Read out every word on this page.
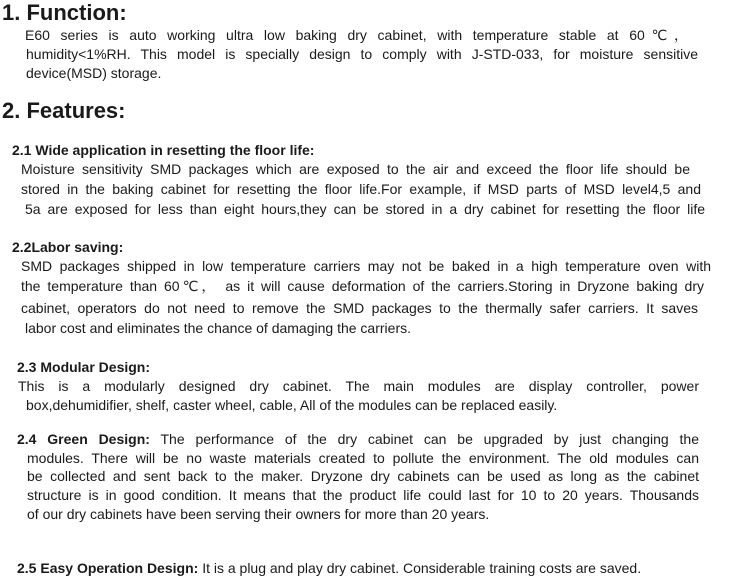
1. Function:
E60 series is auto working ultra low baking dry cabinet, with temperature stable at 60℃，
humidity<1%RH. This model is specially design to comply with J-STD-033, for moisture sensitive
device(MSD) storage.
2. Features:
2.1 Wide application in resetting the floor life:
Moisture sensitivity SMD packages which are exposed to the air and exceed the floor life should be
stored in the baking cabinet for resetting the floor life.For example, if MSD parts of MSD level4,5 and
5a are exposed for less than eight hours,they can be stored in a dry cabinet for resetting the floor life
2.2Labor saving:
SMD packages shipped in low temperature carriers may not be baked in a high temperature oven with
the temperature than 60℃， as it will cause deformation of the carriers.Storing in Dryzone baking dry
cabinet, operators do not need to remove the SMD packages to the thermally safer carriers. It saves
labor cost and eliminates the chance of damaging the carriers.
2.3 Modular Design:
This is a modularly designed dry cabinet. The main modules are display controller, power
box,dehumidifier, shelf, caster wheel, cable, All of the modules can be replaced easily.
2.4 Green Design: The performance of the dry cabinet can be upgraded by just changing the
modules. There will be no waste materials created to pollute the environment. The old modules can
be collected and sent back to the maker. Dryzone dry cabinets can be used as long as the cabinet
structure is in good condition. It means that the product life could last for 10 to 20 years. Thousands
of our dry cabinets have been serving their owners for more than 20 years.
2.5 Easy Operation Design: It is a plug and play dry cabinet. Considerable training costs are saved.
